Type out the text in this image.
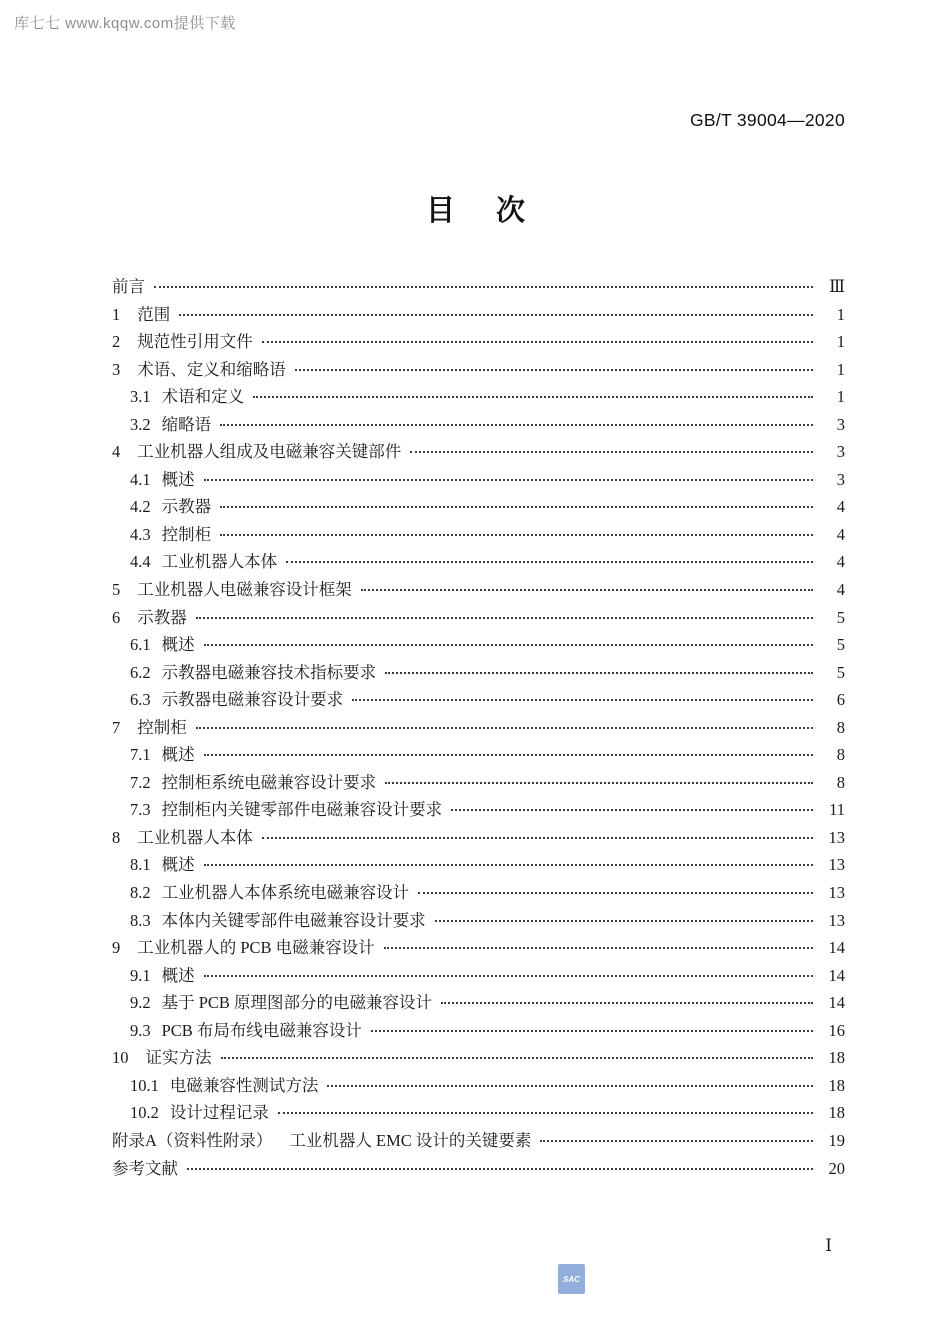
库七七 www.kqqw.com提供下载
GB/T 39004—2020
目　次
前言	Ⅲ
1 范围	1
2 规范性引用文件	1
3 术语、定义和缩略语	1
3.1 术语和定义	1
3.2 缩略语	3
4 工业机器人组成及电磁兼容关键部件	3
4.1 概述	3
4.2 示教器	4
4.3 控制柜	4
4.4 工业机器人本体	4
5 工业机器人电磁兼容设计框架	4
6 示教器	5
6.1 概述	5
6.2 示教器电磁兼容技术指标要求	5
6.3 示教器电磁兼容设计要求	6
7 控制柜	8
7.1 概述	8
7.2 控制柜系统电磁兼容设计要求	8
7.3 控制柜内关键零部件电磁兼容设计要求	11
8 工业机器人本体	13
8.1 概述	13
8.2 工业机器人本体系统电磁兼容设计	13
8.3 本体内关键零部件电磁兼容设计要求	13
9 工业机器人的 PCB 电磁兼容设计	14
9.1 概述	14
9.2 基于 PCB 原理图部分的电磁兼容设计	14
9.3 PCB 布局布线电磁兼容设计	16
10 证实方法	18
10.1 电磁兼容性测试方法	18
10.2 设计过程记录	18
附录A（资料性附录） 工业机器人 EMC 设计的关键要素	19
参考文献	20
Ⅰ
SAC
